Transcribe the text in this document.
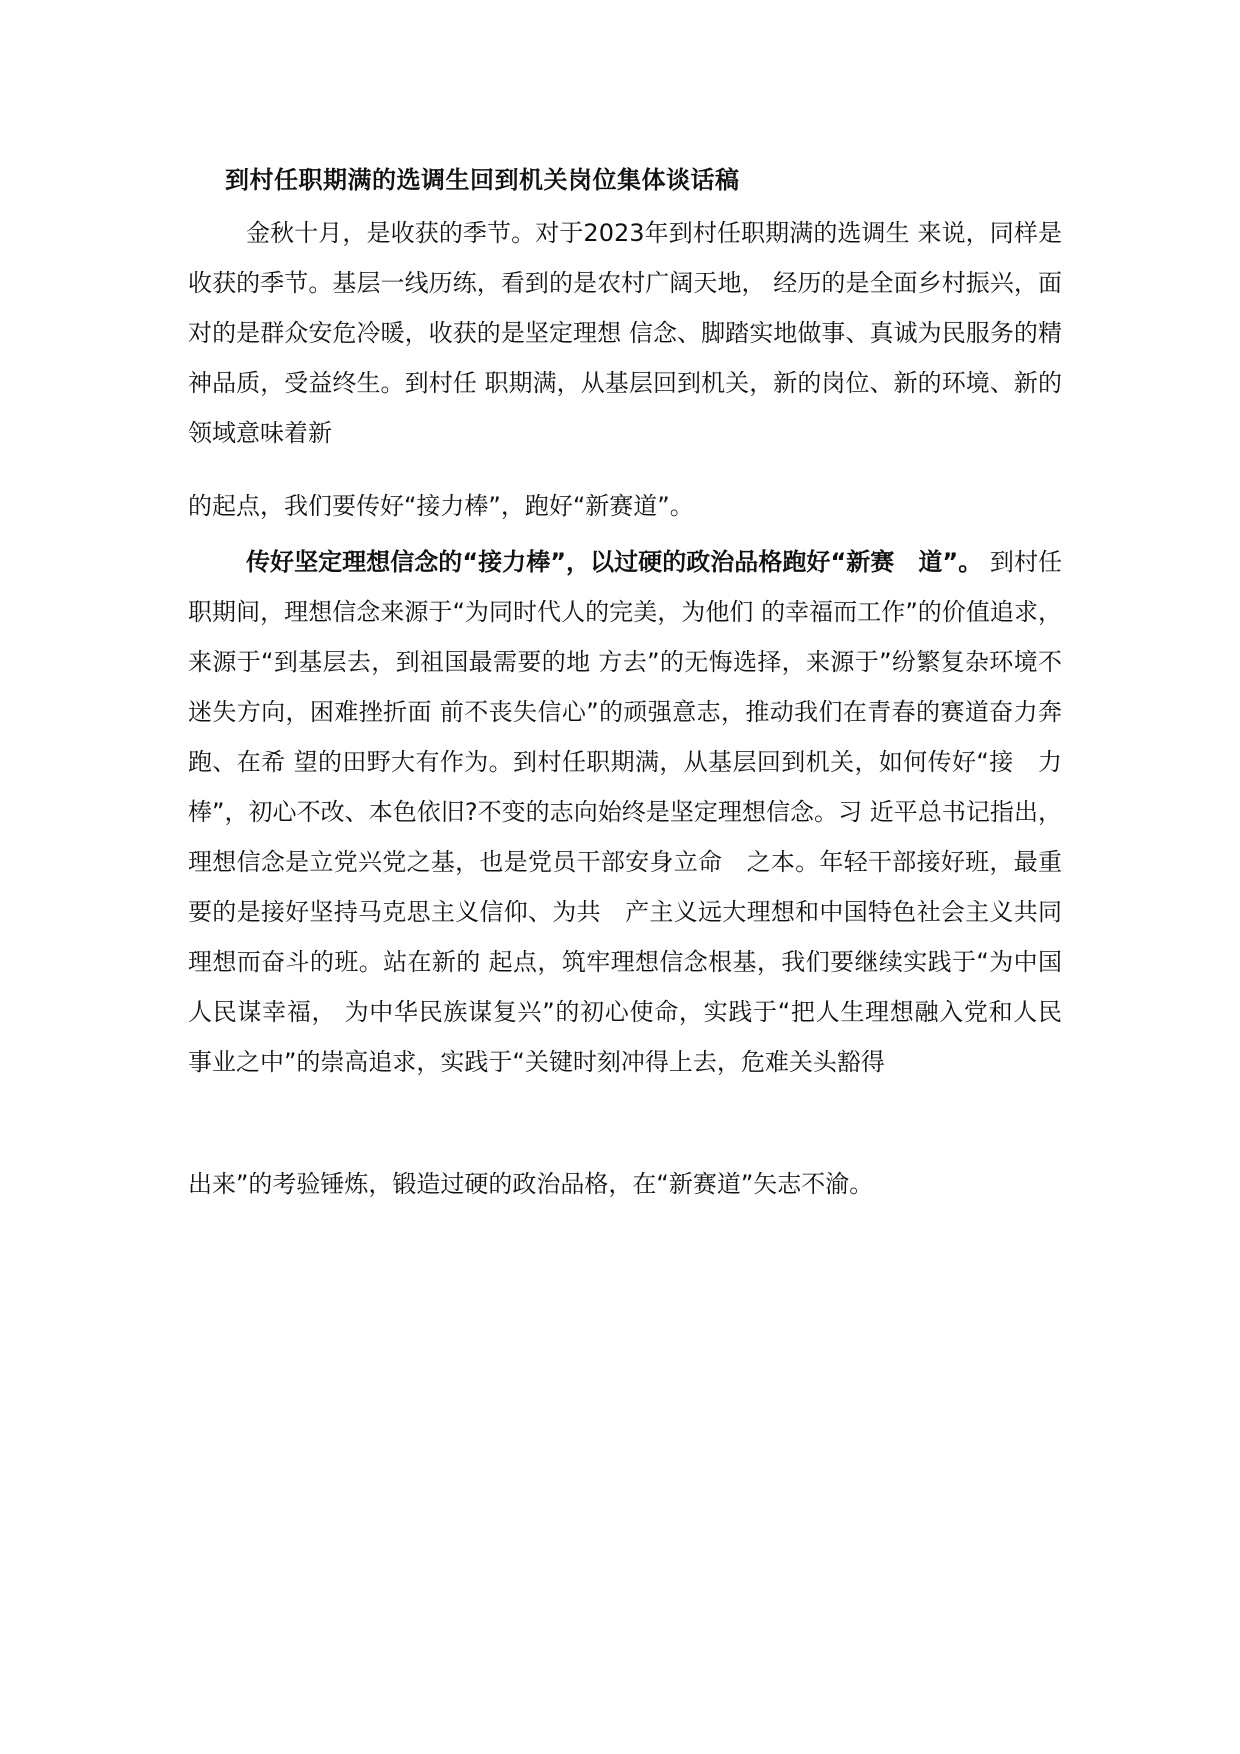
到村任职期满的选调生回到机关岗位集体谈话稿
金秋十月，是收获的季节。对于2023年到村任职期满的选调生 来说，同样是收获的季节。基层一线历练，看到的是农村广阔天地， 经历的是全面乡村振兴，面对的是群众安危冷暖，收获的是坚定理想 信念、脚踏实地做事、真诚为民服务的精神品质，受益终生。到村任 职期满，从基层回到机关，新的岗位、新的环境、新的领域意味着新
的起点，我们要传好“接力棒”，跑好“新赛道”。
传好坚定理想信念的“接力棒”，以过硬的政治品格跑好“新赛　道”。 到村任职期间，理想信念来源于“为同时代人的完美，为他们 的幸福而工作”的价值追求，来源于“到基层去，到祖国最需要的地 方去”的无悔选择，来源于”纷繁复杂环境不迷失方向，困难挫折面 前不丧失信心”的顽强意志，推动我们在青春的赛道奋力奔跑、在希 望的田野大有作为。到村任职期满，从基层回到机关，如何传好“接　力棒”，初心不改、本色依旧?不变的志向始终是坚定理想信念。习 近平总书记指出，理想信念是立党兴党之基，也是党员干部安身立命　之本。年轻干部接好班，最重要的是接好坚持马克思主义信仰、为共　产主义远大理想和中国特色社会主义共同理想而奋斗的班。站在新的 起点，筑牢理想信念根基，我们要继续实践于“为中国人民谋幸福， 为中华民族谋复兴”的初心使命，实践于“把人生理想融入党和人民 事业之中”的崇高追求，实践于“关键时刻冲得上去，危难关头豁得
出来”的考验锤炼，锻造过硬的政治品格，在“新赛道”矢志不渝。
